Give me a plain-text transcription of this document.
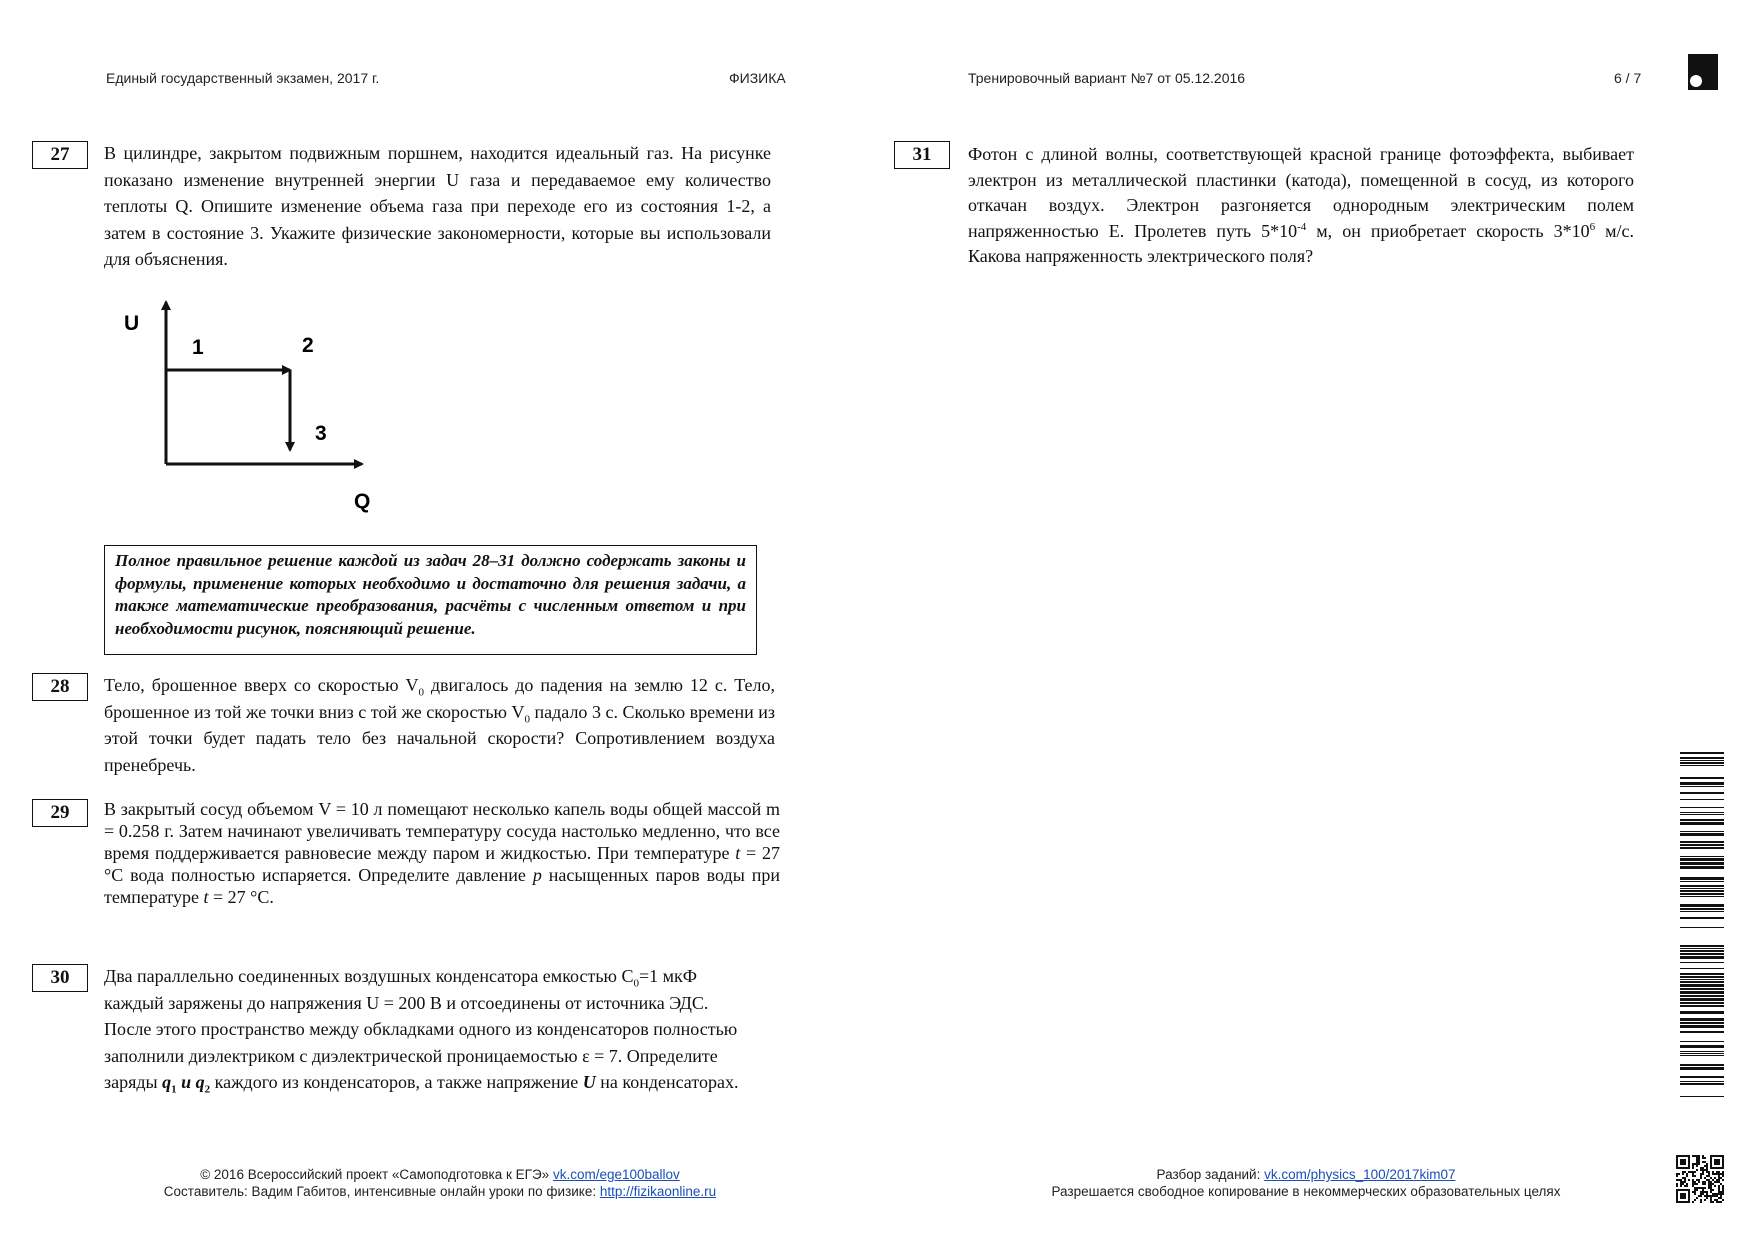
Единый государственный экзамен, 2017 г.	ФИЗИКА	Тренировочный вариант №7 от 05.12.2016	6 / 7
27	В цилиндре, закрытом подвижным поршнем, находится идеальный газ. На рисунке показано изменение внутренней энергии U газа и передаваемое ему количество теплоты Q. Опишите изменение объема газа при переходе его из состояния 1-2, а затем в состояние 3. Укажите физические закономерности, которые вы использовали для объяснения.
U
Q
1	2
3
Полное правильное решение каждой из задач 28–31 должно содержать законы и формулы, применение которых необходимо и достаточно для решения задачи, а также математические преобразования, расчёты с численным ответом и при необходимости рисунок, поясняющий решение.
28	Тело, брошенное вверх со скоростью $V_0$ двигалось до падения на землю 12 с. Тело, брошенное из той же точки вниз с той же скоростью $V_0$ падало 3 с. Сколько времени из этой точки будет падать тело без начальной скорости? Сопротивлением воздуха пренебречь.
29	В закрытый сосуд объемом V = 10 л помещают несколько капель воды общей массой m = 0.258 г. Затем начинают увеличивать температуру сосуда настолько медленно, что все время поддерживается равновесие между паром и жидкостью. При температуре t = 27 °C вода полностью испаряется. Определите давление p насыщенных паров воды при температуре t = 27 °C.
30	Два параллельно соединенных воздушных конденсатора емкостью $C_0=1$ мкФ каждый заряжены до напряжения U = 200 В и отсоединены от источника ЭДС. После этого пространство между обкладками одного из конденсаторов полностью заполнили диэлектриком с диэлектрической проницаемостью ε = 7. Определите заряды $q_1$ и $q_2$ каждого из конденсаторов, а также напряжение U на конденсаторах.
31	Фотон с длиной волны, соответствующей красной границе фотоэффекта, выбивает электрон из металлической пластинки (катода), помещенной в сосуд, из которого откачан воздух. Электрон разгоняется однородным электрическим полем напряженностью E. Пролетев путь $5*10^{-4}$ м, он приобретает скорость $3*10^6$ м/с. Какова напряженность электрического поля?
© 2016 Всероссийский проект «Самоподготовка к ЕГЭ» vk.com/ege100ballov
Составитель: Вадим Габитов, интенсивные онлайн уроки по физике: http://fizikaonline.ru
Разбор заданий: vk.com/physics_100/2017kim07
Разрешается свободное копирование в некоммерческих образовательных целях
